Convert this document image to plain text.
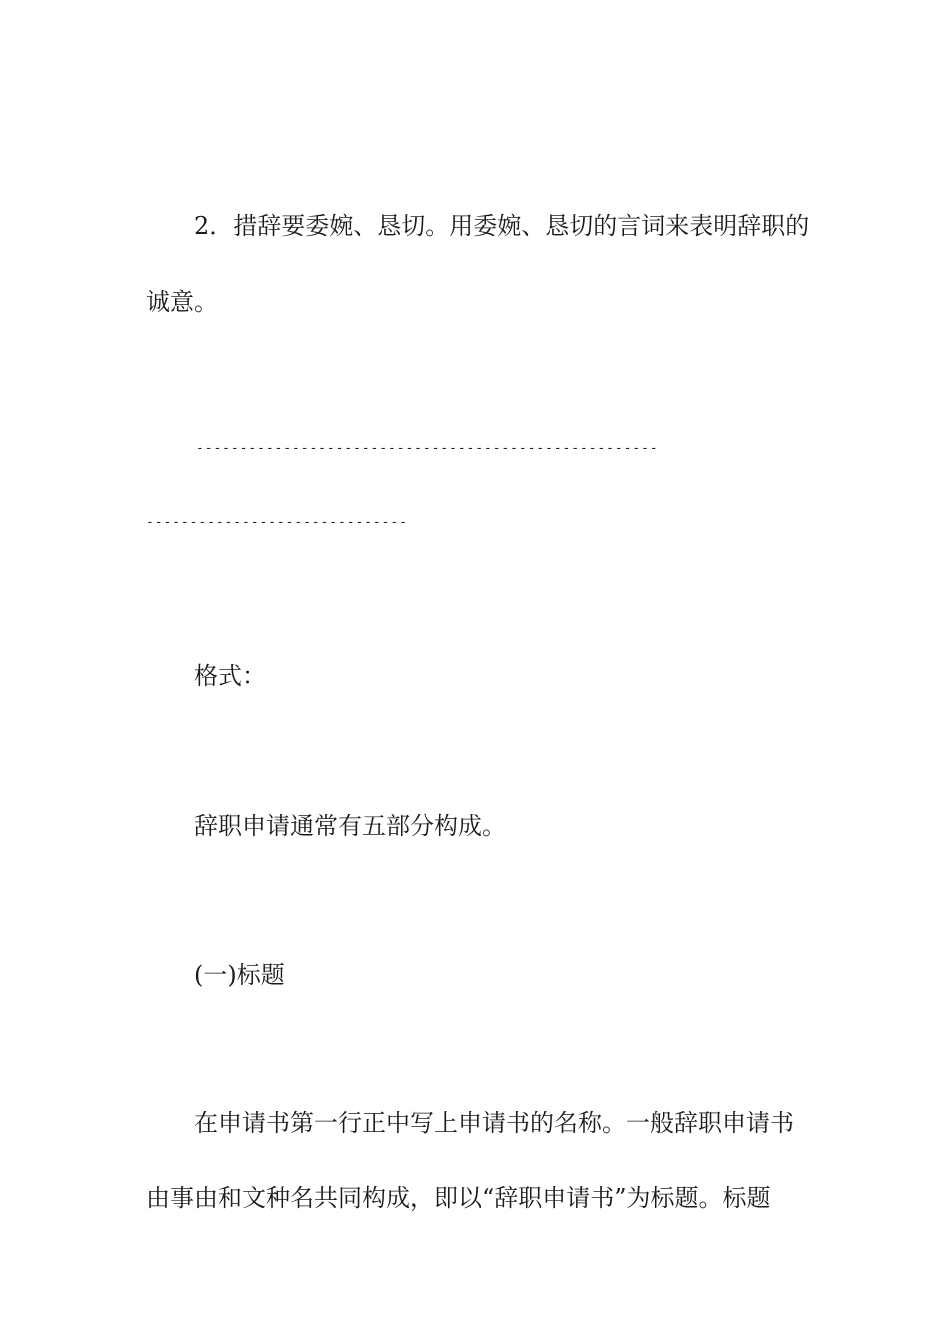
2．措辞要委婉、恳切。用委婉、恳切的言词来表明辞职的
诚意。
-----------------------------------------------------
------------------------------
格式：
辞职申请通常有五部分构成。
(一)标题
在申请书第一行正中写上申请书的名称。一般辞职申请书
由事由和文种名共同构成，即以“辞职申请书”为标题。标题
